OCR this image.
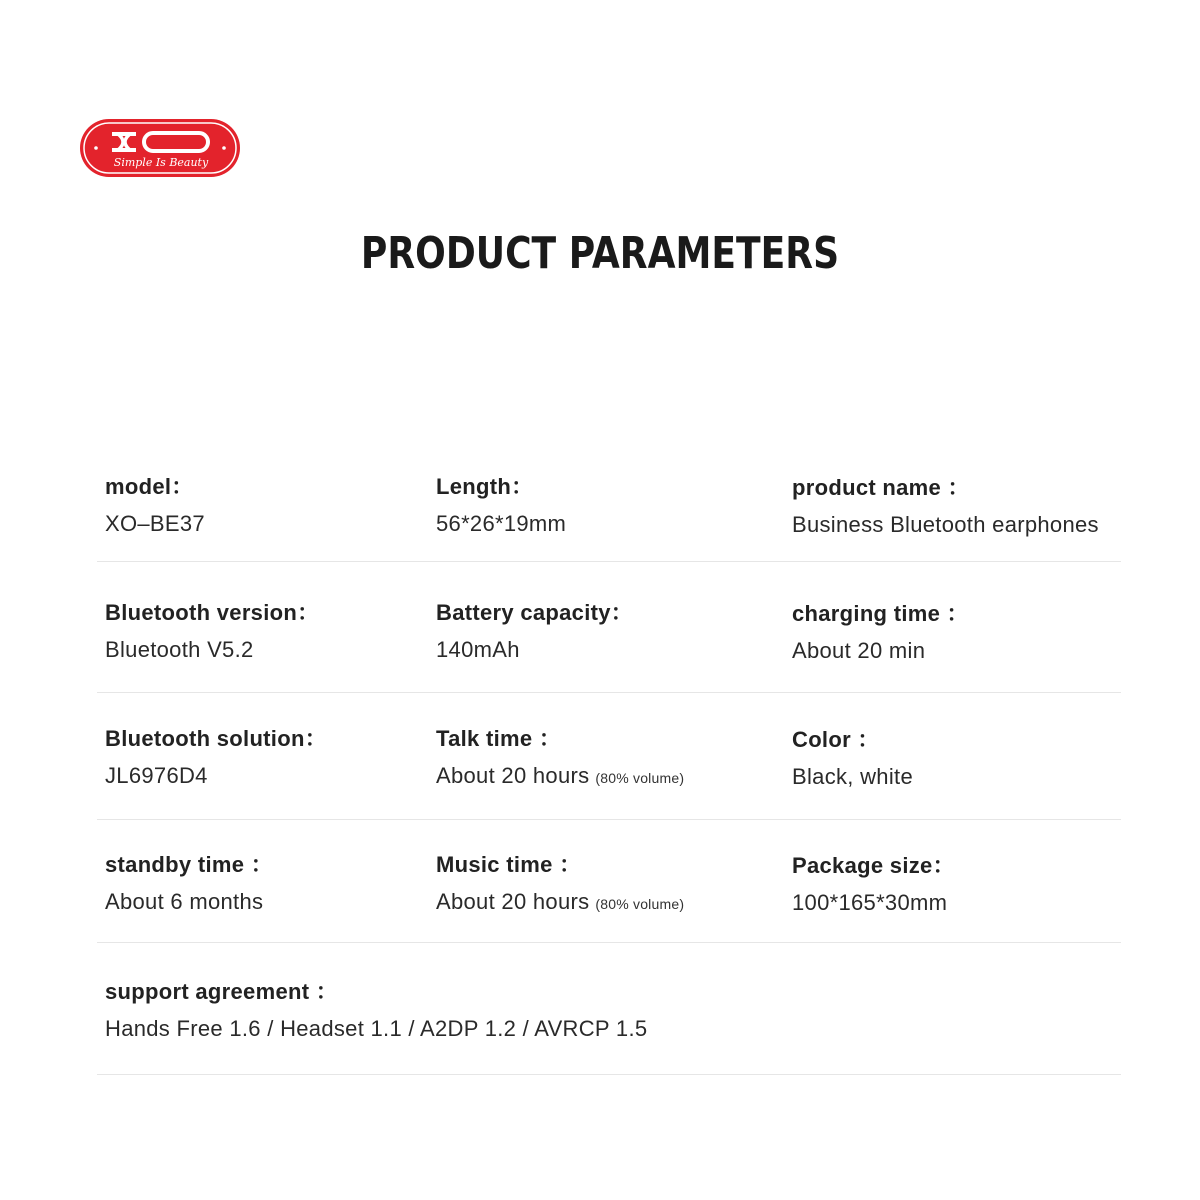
Simple Is Beauty
PRODUCT PARAMETERS
model：
XO–BE37
Length：
56*26*19mm
product name ：
Business Bluetooth earphones
Bluetooth version：
Bluetooth V5.2
Battery capacity：
140mAh
charging time ：
About 20 min
Bluetooth solution：
JL6976D4
Talk time ：
About 20 hours (80% volume)
Color ：
Black, white
standby time ：
About 6 months
Music time ：
About 20 hours (80% volume)
Package size：
100*165*30mm
support agreement ：
Hands Free 1.6 / Headset 1.1 / A2DP 1.2 / AVRCP 1.5
